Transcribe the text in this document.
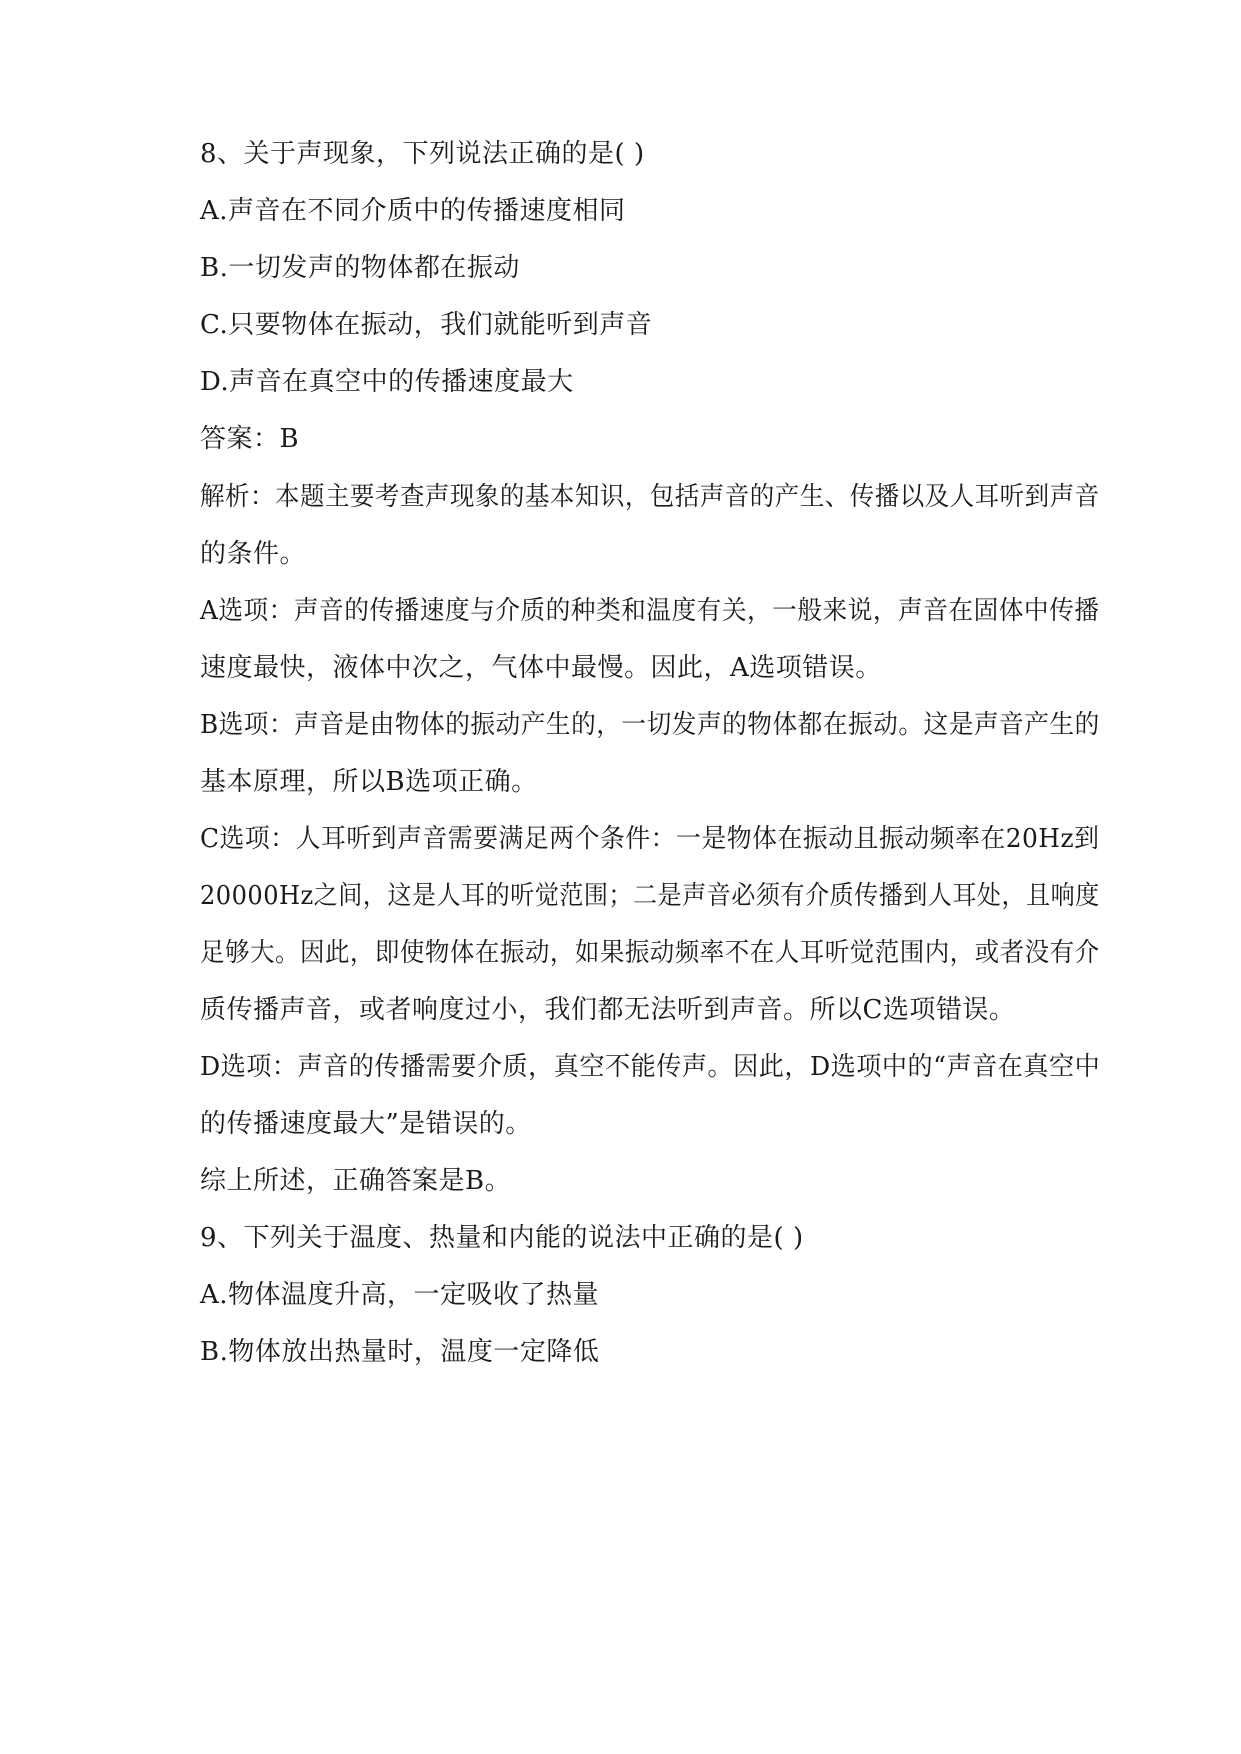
8、关于声现象，下列说法正确的是( )
A.声音在不同介质中的传播速度相同
B.一切发声的物体都在振动
C.只要物体在振动，我们就能听到声音
D.声音在真空中的传播速度最大
答案：B
解析：本题主要考查声现象的基本知识，包括声音的产生、传播以及人耳听到声音
的条件。
A选项：声音的传播速度与介质的种类和温度有关，一般来说，声音在固体中传播
速度最快，液体中次之，气体中最慢。因此，A选项错误。
B选项：声音是由物体的振动产生的，一切发声的物体都在振动。这是声音产生的
基本原理，所以B选项正确。
C选项：人耳听到声音需要满足两个条件：一是物体在振动且振动频率在20Hz到
20000Hz之间，这是人耳的听觉范围；二是声音必须有介质传播到人耳处，且响度
足够大。因此，即使物体在振动，如果振动频率不在人耳听觉范围内，或者没有介
质传播声音，或者响度过小，我们都无法听到声音。所以C选项错误。
D选项：声音的传播需要介质，真空不能传声。因此，D选项中的“声音在真空中
的传播速度最大”是错误的。
综上所述，正确答案是B。
9、下列关于温度、热量和内能的说法中正确的是( )
A.物体温度升高，一定吸收了热量
B.物体放出热量时，温度一定降低
